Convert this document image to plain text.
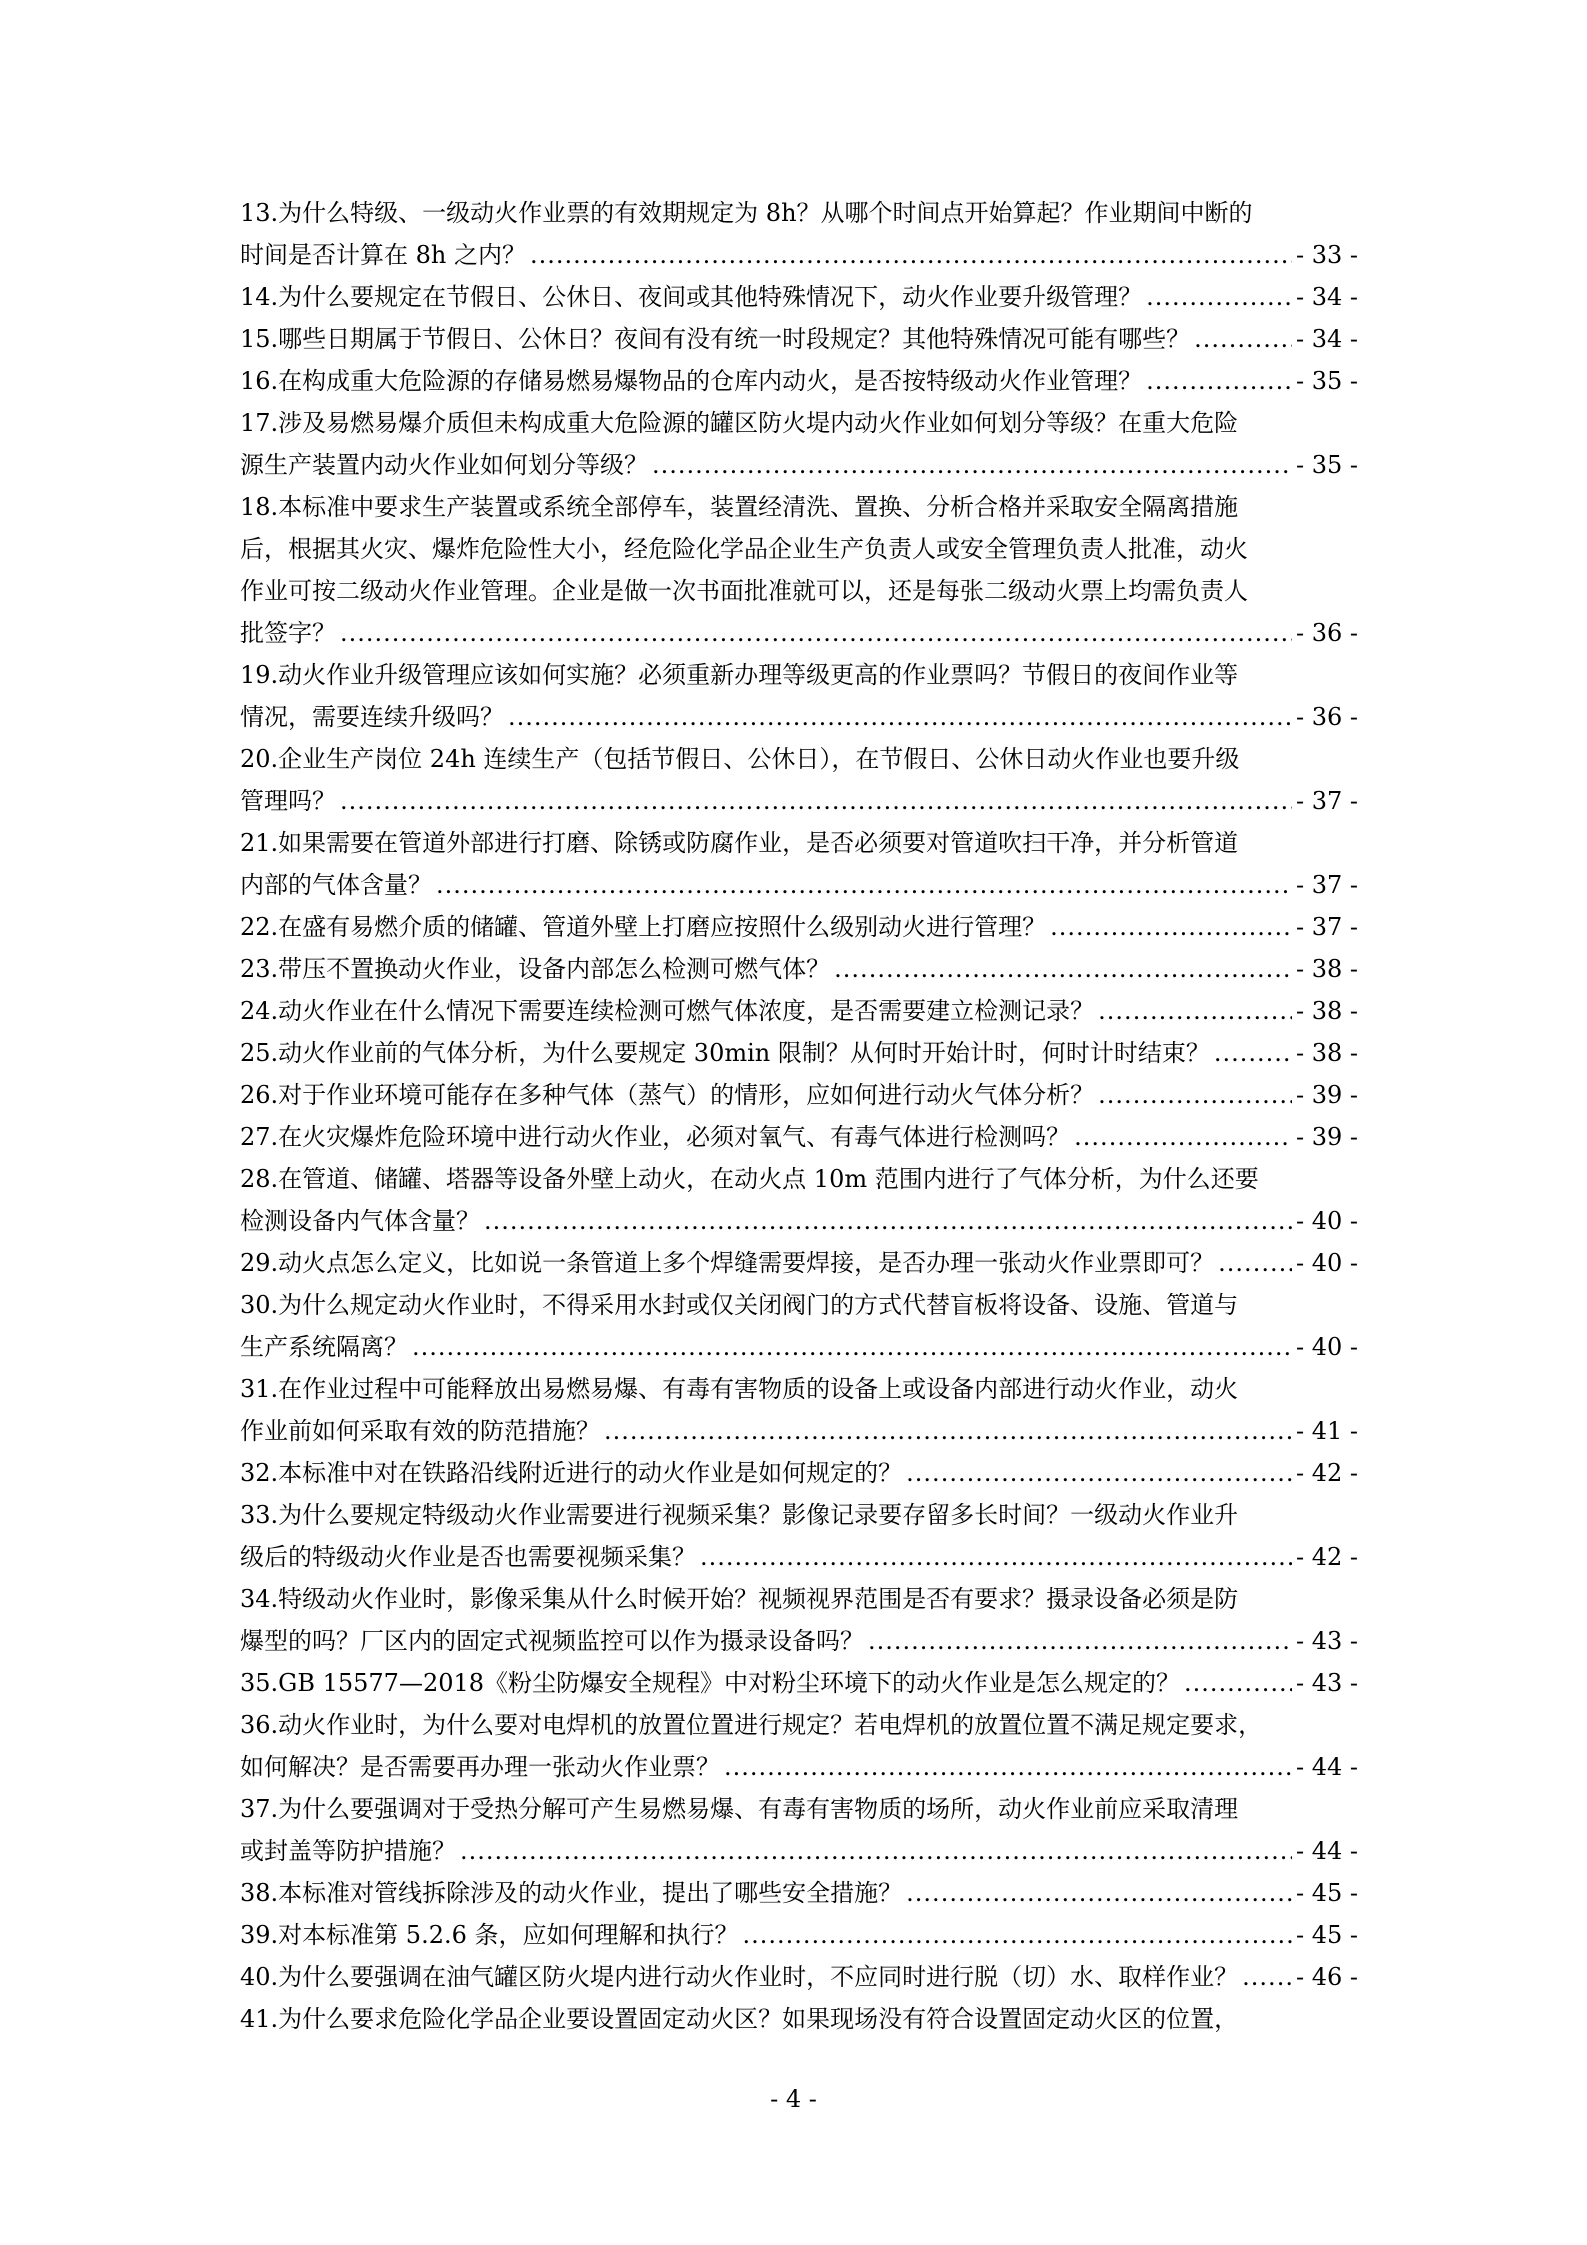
13.为什么特级、一级动火作业票的有效期规定为 8h？从哪个时间点开始算起？作业期间中断的
时间是否计算在 8h 之内？ .....	- 33 -
14.为什么要规定在节假日、公休日、夜间或其他特殊情况下，动火作业要升级管理？ .....	- 34 -
15.哪些日期属于节假日、公休日？夜间有没有统一时段规定？其他特殊情况可能有哪些？ .....	- 34 -
16.在构成重大危险源的存储易燃易爆物品的仓库内动火，是否按特级动火作业管理？ .....	- 35 -
17.涉及易燃易爆介质但未构成重大危险源的罐区防火堤内动火作业如何划分等级？在重大危险
源生产装置内动火作业如何划分等级？ .....	- 35 -
18.本标准中要求生产装置或系统全部停车，装置经清洗、置换、分析合格并采取安全隔离措施
后，根据其火灾、爆炸危险性大小，经危险化学品企业生产负责人或安全管理负责人批准，动火
作业可按二级动火作业管理。企业是做一次书面批准就可以，还是每张二级动火票上均需负责人
批签字？ .....	- 36 -
19.动火作业升级管理应该如何实施？必须重新办理等级更高的作业票吗？节假日的夜间作业等
情况，需要连续升级吗？ .....	- 36 -
20.企业生产岗位 24h 连续生产（包括节假日、公休日），在节假日、公休日动火作业也要升级
管理吗？ .....	- 37 -
21.如果需要在管道外部进行打磨、除锈或防腐作业，是否必须要对管道吹扫干净，并分析管道
内部的气体含量？ .....	- 37 -
22.在盛有易燃介质的储罐、管道外壁上打磨应按照什么级别动火进行管理？ .....	- 37 -
23.带压不置换动火作业，设备内部怎么检测可燃气体？ .....	- 38 -
24.动火作业在什么情况下需要连续检测可燃气体浓度，是否需要建立检测记录？ .....	- 38 -
25.动火作业前的气体分析，为什么要规定 30min 限制？从何时开始计时，何时计时结束？ .....	- 38 -
26.对于作业环境可能存在多种气体（蒸气）的情形，应如何进行动火气体分析？ .....	- 39 -
27.在火灾爆炸危险环境中进行动火作业，必须对氧气、有毒气体进行检测吗？ .....	- 39 -
28.在管道、储罐、塔器等设备外壁上动火，在动火点 10m 范围内进行了气体分析，为什么还要
检测设备内气体含量？ .....	- 40 -
29.动火点怎么定义，比如说一条管道上多个焊缝需要焊接，是否办理一张动火作业票即可？ .....	- 40 -
30.为什么规定动火作业时，不得采用水封或仅关闭阀门的方式代替盲板将设备、设施、管道与
生产系统隔离？ .....	- 40 -
31.在作业过程中可能释放出易燃易爆、有毒有害物质的设备上或设备内部进行动火作业，动火
作业前如何采取有效的防范措施？ .....	- 41 -
32.本标准中对在铁路沿线附近进行的动火作业是如何规定的？ .....	- 42 -
33.为什么要规定特级动火作业需要进行视频采集？影像记录要存留多长时间？一级动火作业升
级后的特级动火作业是否也需要视频采集？ .....	- 42 -
34.特级动火作业时，影像采集从什么时候开始？视频视界范围是否有要求？摄录设备必须是防
爆型的吗？厂区内的固定式视频监控可以作为摄录设备吗？ .....	- 43 -
35.GB 15577—2018《粉尘防爆安全规程》中对粉尘环境下的动火作业是怎么规定的？ .....	- 43 -
36.动火作业时，为什么要对电焊机的放置位置进行规定？若电焊机的放置位置不满足规定要求，
如何解决？是否需要再办理一张动火作业票？ .....	- 44 -
37.为什么要强调对于受热分解可产生易燃易爆、有毒有害物质的场所，动火作业前应采取清理
或封盖等防护措施？ .....	- 44 -
38.本标准对管线拆除涉及的动火作业，提出了哪些安全措施？ .....	- 45 -
39.对本标准第 5.2.6 条，应如何理解和执行？ .....	- 45 -
40.为什么要强调在油气罐区防火堤内进行动火作业时，不应同时进行脱（切）水、取样作业？ ..... - 46 -
41.为什么要求危险化学品企业要设置固定动火区？如果现场没有符合设置固定动火区的位置，
- 4 -
